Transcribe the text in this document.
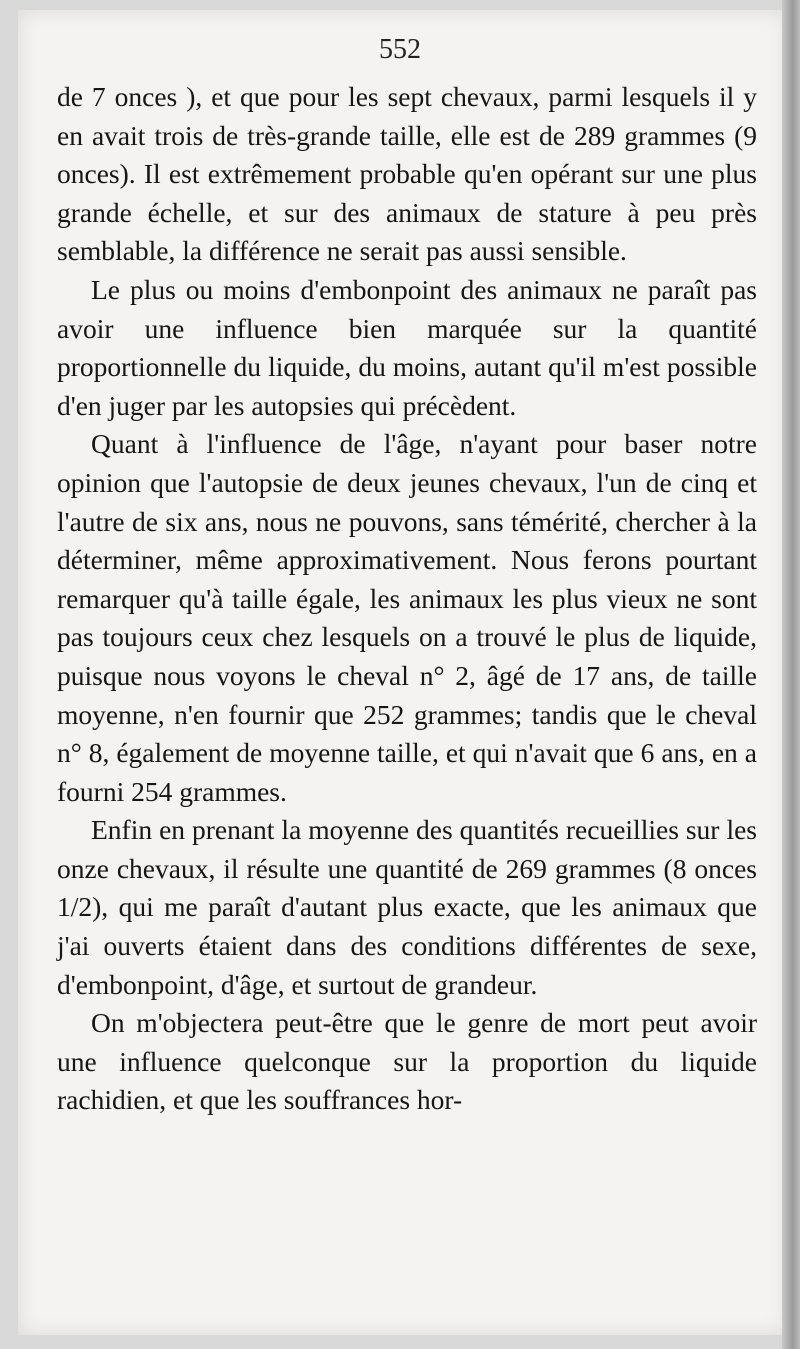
552

de 7 onces ), et que pour les sept chevaux, parmi lesquels il y en avait trois de très-grande taille, elle est de 289 grammes (9 onces). Il est extrêmement probable qu'en opérant sur une plus grande échelle, et sur des animaux de stature à peu près semblable, la différence ne serait pas aussi sensible.

Le plus ou moins d'embonpoint des animaux ne paraît pas avoir une influence bien marquée sur la quantité proportionnelle du liquide, du moins, autant qu'il m'est possible d'en juger par les autopsies qui précèdent.

Quant à l'influence de l'âge, n'ayant pour baser notre opinion que l'autopsie de deux jeunes chevaux, l'un de cinq et l'autre de six ans, nous ne pouvons, sans témérité, chercher à la déterminer, même approximativement. Nous ferons pourtant remarquer qu'à taille égale, les animaux les plus vieux ne sont pas toujours ceux chez lesquels on a trouvé le plus de liquide, puisque nous voyons le cheval n° 2, âgé de 17 ans, de taille moyenne, n'en fournir que 252 grammes; tandis que le cheval n° 8, également de moyenne taille, et qui n'avait que 6 ans, en a fourni 254 grammes.

Enfin en prenant la moyenne des quantités recueillies sur les onze chevaux, il résulte une quantité de 269 grammes (8 onces 1/2), qui me paraît d'autant plus exacte, que les animaux que j'ai ouverts étaient dans des conditions différentes de sexe, d'embonpoint, d'âge, et surtout de grandeur.

On m'objectera peut-être que le genre de mort peut avoir une influence quelconque sur la proportion du liquide rachidien, et que les souffrances hor-
